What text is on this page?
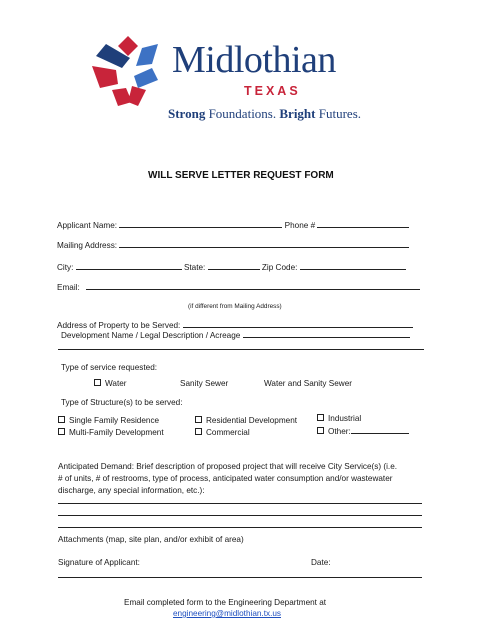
Midlothian
TEXAS
Strong Foundations. Bright Futures.
WILL SERVE LETTER REQUEST FORM
Applicant Name:	Phone #
Mailing Address:
City:	State:	Zip Code:
Email:
(if different from Mailing Address)
Address of Property to be Served:
Development Name / Legal Description / Acreage
Type of service requested:
Water	Sanity Sewer	Water and Sanity Sewer
Type of Structure(s) to be served:
Single Family Residence
Multi-Family Development
Residential Development
Commercial
Industrial
Other:
Anticipated Demand: Brief description of proposed project that will receive City Service(s) (i.e.
# of units, # of restrooms, type of process, anticipated water consumption and/or wastewater
discharge, any special information, etc.):
Attachments (map, site plan, and/or exhibit of area)
Signature of Applicant:	Date:
Email completed form to the Engineering Department at
engineering@midlothian.tx.us
